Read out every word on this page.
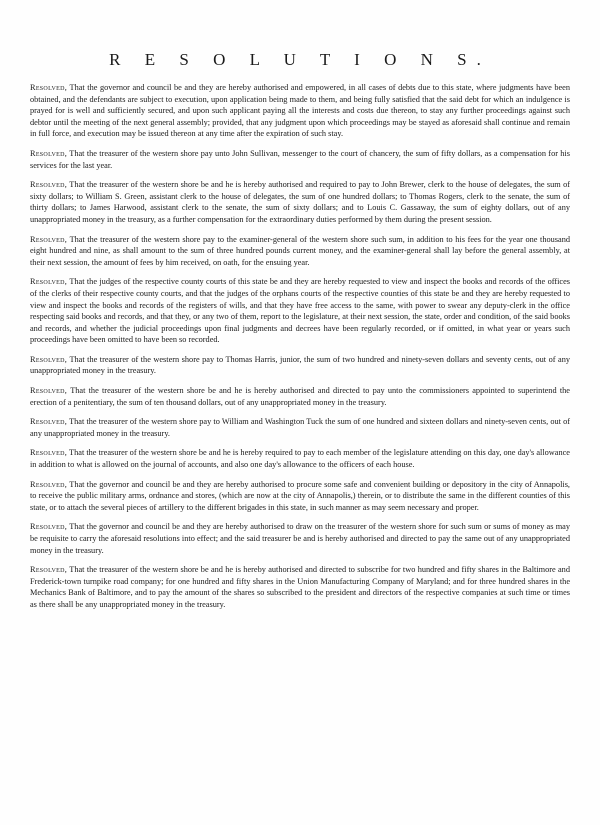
R E S O L U T I O N S.

Resolved, That the governor and council be and they are hereby authorised and empowered, in all cases of debts due to this state, where judgments have been obtained, and the defendants are subject to execution, upon application being made to them, and being fully satisfied that the said debt for which an indulgence is prayed for is well and sufficiently secured, and upon such applicant paying all the interests and costs due thereon, to stay any further proceedings against such debtor until the meeting of the next general assembly; provided, that any judgment upon which proceedings may be stayed as aforesaid shall continue and remain in full force, and execution may be issued thereon at any time after the expiration of such stay.

Resolved, That the treasurer of the western shore pay unto John Sullivan, messenger to the court of chancery, the sum of fifty dollars, as a compensation for his services for the last year.

Resolved, That the treasurer of the western shore be and he is hereby authorised and required to pay to John Brewer, clerk to the house of delegates, the sum of sixty dollars; to William S. Green, assistant clerk to the house of delegates, the sum of one hundred dollars; to Thomas Rogers, clerk to the senate, the sum of thirty dollars; to James Harwood, assistant clerk to the senate, the sum of sixty dollars; and to Louis C. Gassaway, the sum of eighty dollars, out of any unappropriated money in the treasury, as a further compensation for the extraordinary duties performed by them during the present session.

Resolved, That the treasurer of the western shore pay to the examiner-general of the western shore such sum, in addition to his fees for the year one thousand eight hundred and nine, as shall amount to the sum of three hundred pounds current money, and the examiner-general shall lay before the general assembly, at their next session, the amount of fees by him received, on oath, for the ensuing year.

Resolved, That the judges of the respective county courts of this state be and they are hereby requested to view and inspect the books and records of the offices of the clerks of their respective county courts, and that the judges of the orphans courts of the respective counties of this state be and they are hereby requested to view and inspect the books and records of the registers of wills, and that they have free access to the same, with power to swear any deputy-clerk in the office respecting said books and records, and that they, or any two of them, report to the legislature, at their next session, the state, order and condition, of the said books and records, and whether the judicial proceedings upon final judgments and decrees have been regularly recorded, or if omitted, in what year or years such proceedings have been omitted to have been so recorded.

Resolved, That the treasurer of the western shore pay to Thomas Harris, junior, the sum of two hundred and ninety-seven dollars and seventy cents, out of any unappropriated money in the treasury.

Resolved, That the treasurer of the western shore be and he is hereby authorised and directed to pay unto the commissioners appointed to superintend the erection of a penitentiary, the sum of ten thousand dollars, out of any unappropriated money in the treasury.

Resolved, That the treasurer of the western shore pay to William and Washington Tuck the sum of one hundred and sixteen dollars and ninety-seven cents, out of any unappropriated money in the treasury.

Resolved, That the treasurer of the western shore be and he is hereby required to pay to each member of the legislature attending on this day, one day's allowance in addition to what is allowed on the journal of accounts, and also one day's allowance to the officers of each house.

Resolved, That the governor and council be and they are hereby authorised to procure some safe and convenient building or depository in the city of Annapolis, to receive the public military arms, ordnance and stores, (which are now at the city of Annapolis,) therein, or to distribute the same in the different counties of this state, or to attach the several pieces of artillery to the different brigades in this state, in such manner as may seem necessary and proper.

Resolved, That the governor and council be and they are hereby authorised to draw on the treasurer of the western shore for such sum or sums of money as may be requisite to carry the aforesaid resolutions into effect; and the said treasurer be and is hereby authorised and directed to pay the same out of any unappropriated money in the treasury.

Resolved, That the treasurer of the western shore be and he is hereby authorised and directed to subscribe for two hundred and fifty shares in the Baltimore and Frederick-town turnpike road company; for one hundred and fifty shares in the Union Manufacturing Company of Maryland; and for three hundred shares in the Mechanics Bank of Baltimore, and to pay the amount of the shares so subscribed to the president and directors of the respective companies at such time or times as there shall be any unappropriated money in the treasury.
